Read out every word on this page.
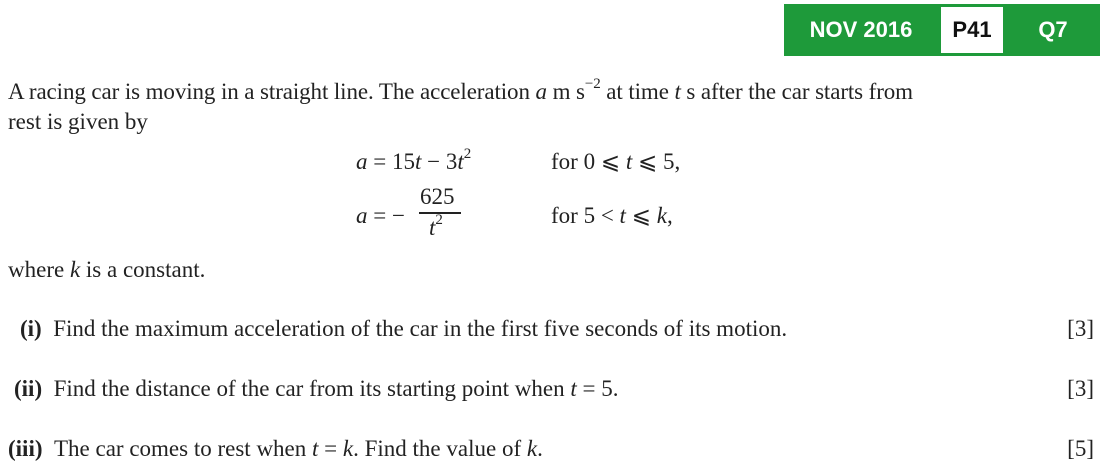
NOV 2016	P41	Q7
A racing car is moving in a straight line. The acceleration a m $s^{-2}$ at time t s after the car starts from
rest is given by
$a = 15t - 3t^2$	for 0 ⩽ t ⩽ 5,
a = −
625
$t^2$	for 5 < t ⩽ k,
where k is a constant.
(i) Find the maximum acceleration of the car in the first five seconds of its motion.	[3]
(ii) Find the distance of the car from its starting point when t = 5.	[3]
(iii) The car comes to rest when t = k. Find the value of k.	[5]
